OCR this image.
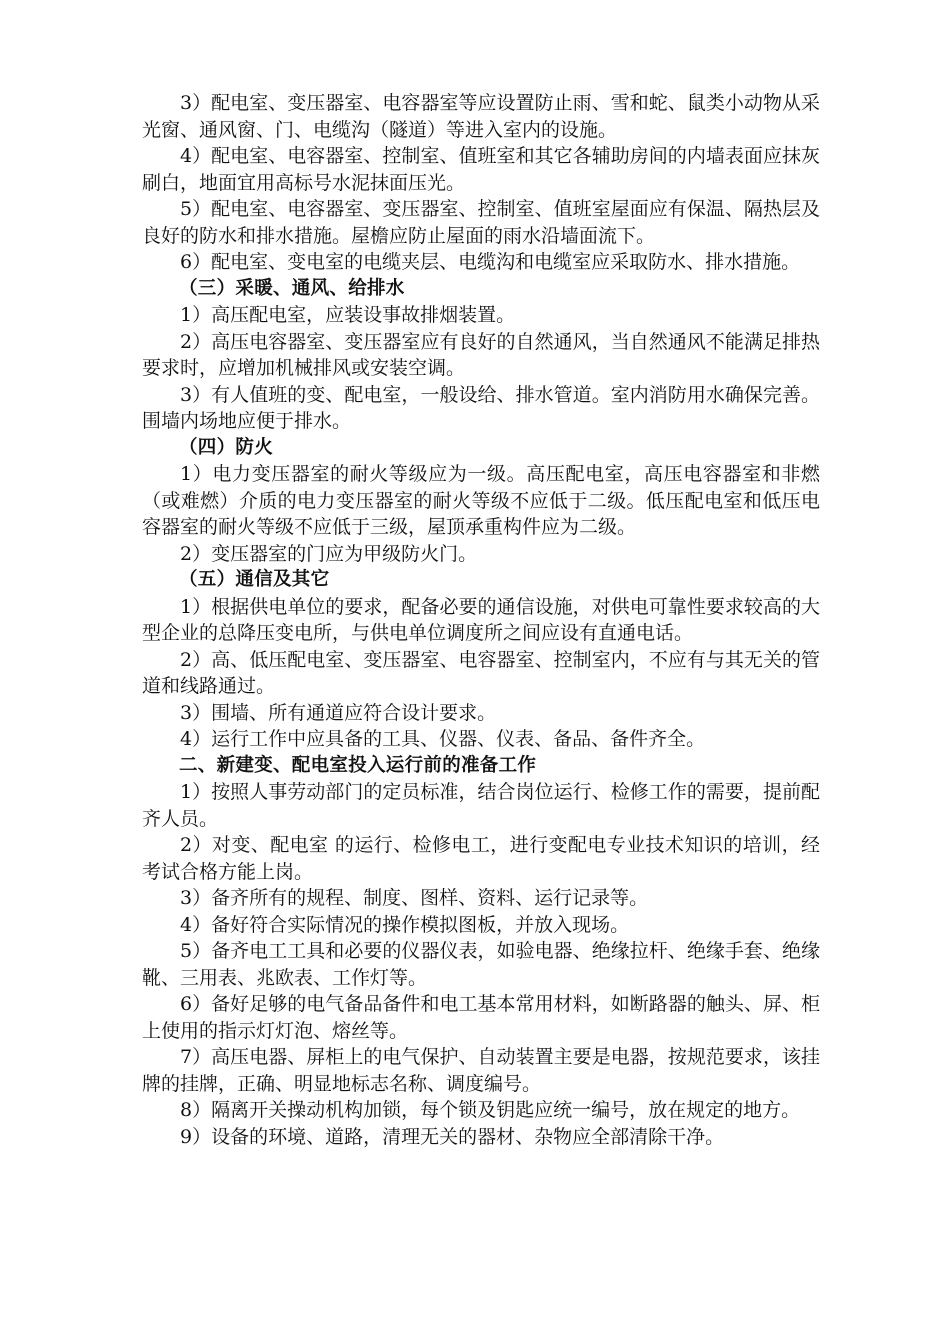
3）配电室、变压器室、电容器室等应设置防止雨、雪和蛇、鼠类小动物从采光窗、通风窗、门、电缆沟（隧道）等进入室内的设施。

4）配电室、电容器室、控制室、值班室和其它各辅助房间的内墙表面应抹灰刷白，地面宜用高标号水泥抹面压光。

5）配电室、电容器室、变压器室、控制室、值班室屋面应有保温、隔热层及良好的防水和排水措施。屋檐应防止屋面的雨水沿墙面流下。

6）配电室、变电室的电缆夹层、电缆沟和电缆室应采取防水、排水措施。

（三）采暖、通风、给排水

1）高压配电室，应装设事故排烟装置。

2）高压电容器室、变压器室应有良好的自然通风，当自然通风不能满足排热要求时，应增加机械排风或安装空调。

3）有人值班的变、配电室，一般设给、排水管道。室内消防用水确保完善。围墙内场地应便于排水。

（四）防火

1）电力变压器室的耐火等级应为一级。高压配电室，高压电容器室和非燃（或难燃）介质的电力变压器室的耐火等级不应低于二级。低压配电室和低压电容器室的耐火等级不应低于三级，屋顶承重构件应为二级。

2）变压器室的门应为甲级防火门。

（五）通信及其它

1）根据供电单位的要求，配备必要的通信设施，对供电可靠性要求较高的大型企业的总降压变电所，与供电单位调度所之间应设有直通电话。

2）高、低压配电室、变压器室、电容器室、控制室内，不应有与其无关的管道和线路通过。

3）围墙、所有通道应符合设计要求。

4）运行工作中应具备的工具、仪器、仪表、备品、备件齐全。

二、新建变、配电室投入运行前的准备工作

1）按照人事劳动部门的定员标准，结合岗位运行、检修工作的需要，提前配齐人员。

2）对变、配电室 的运行、检修电工，进行变配电专业技术知识的培训，经考试合格方能上岗。

3）备齐所有的规程、制度、图样、资料、运行记录等。

4）备好符合实际情况的操作模拟图板，并放入现场。

5）备齐电工工具和必要的仪器仪表，如验电器、绝缘拉杆、绝缘手套、绝缘靴、三用表、兆欧表、工作灯等。

6）备好足够的电气备品备件和电工基本常用材料，如断路器的触头、屏、柜上使用的指示灯灯泡、熔丝等。

7）高压电器、屏柜上的电气保护、自动装置主要是电器，按规范要求，该挂牌的挂牌，正确、明显地标志名称、调度编号。

8）隔离开关操动机构加锁，每个锁及钥匙应统一编号，放在规定的地方。

9）设备的环境、道路，清理无关的器材、杂物应全部清除干净。
